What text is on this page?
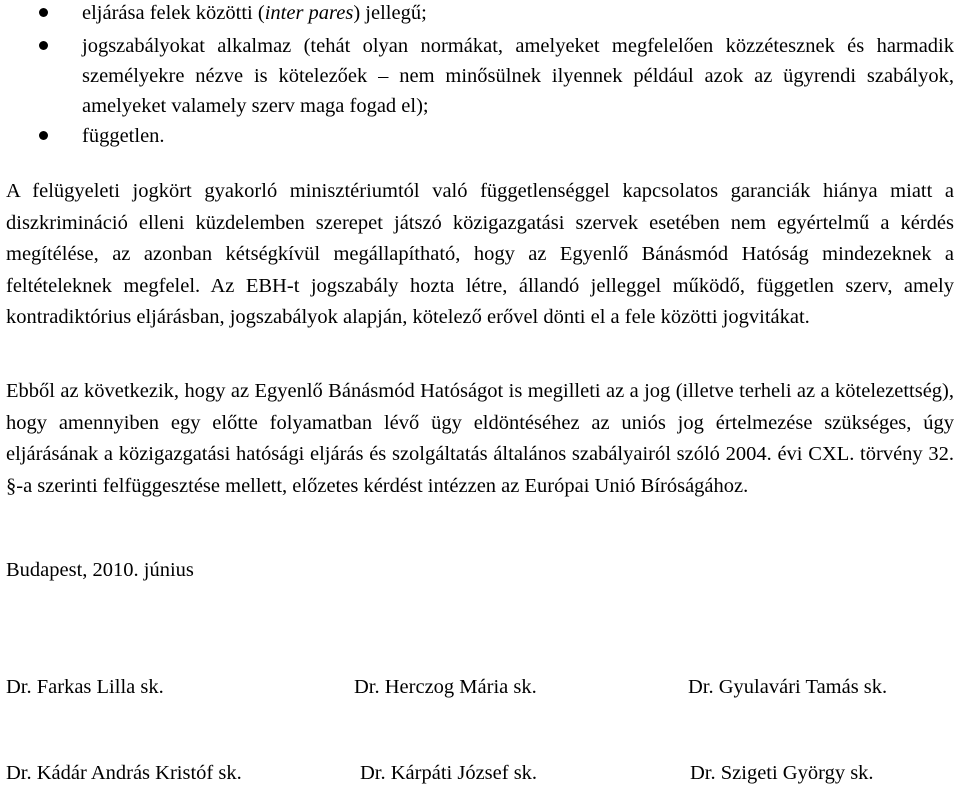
eljárása felek közötti (inter pares) jellegű;

jogszabályokat alkalmaz (tehát olyan normákat, amelyeket megfelelően közzétesznek és harmadik személyekre nézve is kötelezőek – nem minősülnek ilyennek például azok az ügyrendi szabályok, amelyeket valamely szerv maga fogad el);

független.

A felügyeleti jogkört gyakorló minisztériumtól való függetlenséggel kapcsolatos garanciák hiánya miatt a diszkrimináció elleni küzdelemben szerepet játszó közigazgatási szervek esetében nem egyértelmű a kérdés megítélése, az azonban kétségkívül megállapítható, hogy az Egyenlő Bánásmód Hatóság mindezeknek a feltételeknek megfelel. Az EBH-t jogszabály hozta létre, állandó jelleggel működő, független szerv, amely kontradiktórius eljárásban, jogszabályok alapján, kötelező erővel dönti el a fele közötti jogvitákat.

Ebből az következik, hogy az Egyenlő Bánásmód Hatóságot is megilleti az a jog (illetve terheli az a kötelezettség), hogy amennyiben egy előtte folyamatban lévő ügy eldöntéséhez az uniós jog értelmezése szükséges, úgy eljárásának a közigazgatási hatósági eljárás és szolgáltatás általános szabályairól szóló 2004. évi CXL. törvény 32. §-a szerinti felfüggesztése mellett, előzetes kérdést intézzen az Európai Unió Bíróságához.

Budapest, 2010. június

Dr. Farkas Lilla sk.	Dr. Herczog Mária sk.	Dr. Gyulavári Tamás sk.

Dr. Kádár András Kristóf sk.	Dr. Kárpáti József sk.	Dr. Szigeti György sk.
